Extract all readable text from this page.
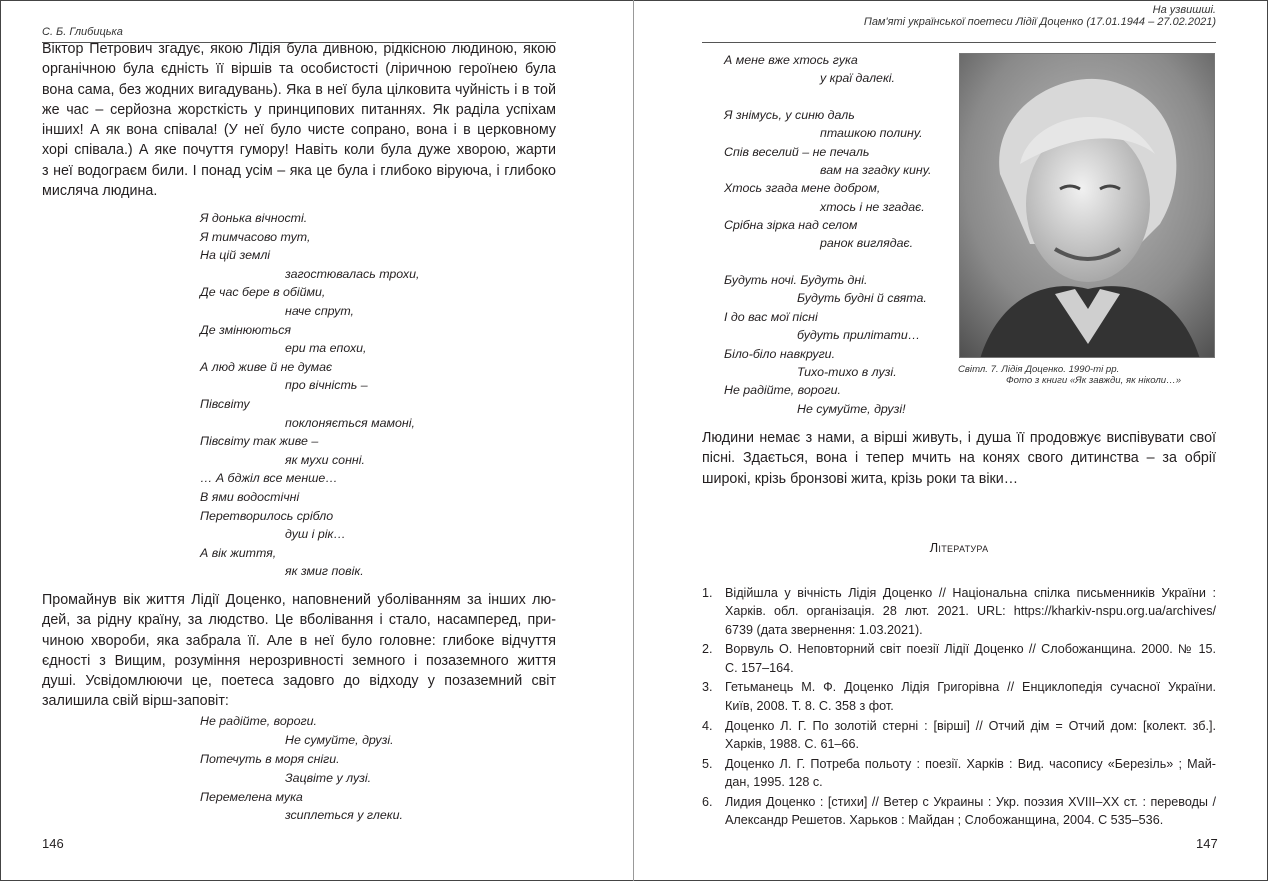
С. Б. Глибицька
Віктор Петрович згадує, якою Лідія була дивною, рідкісною людиною, якою
органічною була єдність її віршів та особистості (ліричною героїнею була
вона сама, без жодних вигадувань). Яка в неї була цілковита чуйність і в той
же час – серйозна жорсткість у принципових питаннях. Як раділа успіхам
інших! А як вона співала! (У неї було чисте сопрано, вона і в церковному
хорі співала.) А яке почуття гумору! Навіть коли була дуже хворою, жарти
з неї водограєм били. І понад усім – яка це була і глибоко віруюча, і глибоко
мисляча людина.
Я донька вічності.
Я тимчасово тут,
На цій землі
загостювалась трохи,
Де час бере в обійми,
наче спрут,
Де змінюються
ери та епохи,
А люд живе й не думає
про вічність –
Півсвіту
поклоняється мамоні,
Півсвіту так живе –
як мухи сонні.
… А бджіл все менше…
В ями водостічні
Перетворилось срібло
душ і рік…
А вік життя,
як змиг повік.
Промайнув вік життя Лідії Доценко, наповнений уболіванням за інших лю-
дей, за рідну країну, за людство. Це вболівання і стало, насамперед, при-
чиною хвороби, яка забрала її. Але в неї було головне: глибоке відчуття
єдності з Вищим, розуміння нерозривності земного і позаземного життя
душі. Усвідомлюючи це, поетеса задовго до відходу у позаземний світ
залишила свій вірш-заповіт:
Не радійте, вороги.
Не сумуйте, друзі.
Потечуть в моря сніги.
Зацвіте у лузі.
Перемелена мука
зсиплеться у глеки.
146
На узвишші.
Пам'яті української поетеси Лідії Доценко (17.01.1944 – 27.02.2021)
А мене вже хтось гука
у краї далекі.
Я знімусь, у синю даль
пташкою полину.
Спів веселий – не печаль
вам на згадку кину.
Хтось згада мене добром,
хтось і не згадає.
Срібна зірка над селом
ранок виглядає.
Будуть ночі. Будуть дні.
Будуть будні й свята.
І до вас мої пісні
будуть прилітати…
Біло-біло навкруги.
Тихо-тихо в лузі.
Не радійте, вороги.
Не сумуйте, друзі!
Світл. 7. Лідія Доценко. 1990-ті рр.
Фото з книги «Як завжди, як ніколи…»
Людини немає з нами, а вірші живуть, і душа її продовжує виспівувати свої
пісні. Здається, вона і тепер мчить на конях свого дитинства – за обрії
широкі, крізь бронзові жита, крізь роки та віки…
Література
1. Відійшла у вічність Лідія Доценко // Національна спілка письменників України :
Харків. обл. організація. 28 лют. 2021. URL: https://kharkiv-nspu.org.ua/archives/
6739 (дата звернення: 1.03.2021).
2. Ворвуль О. Неповторний світ поезії Лідії Доценко // Слобожанщина. 2000. № 15.
С. 157–164.
3. Гетьманець М. Ф. Доценко Лідія Григорівна // Енциклопедія сучасної України.
Київ, 2008. Т. 8. С. 358 з фот.
4. Доценко Л. Г. По золотій стерні : [вірші] // Отчий дім = Отчий дом: [колект. зб.].
Харків, 1988. С. 61–66.
5. Доценко Л. Г. Потреба польоту : поезії. Харків : Вид. часопису «Березіль» ; Май-
дан, 1995. 128 с.
6. Лидия Доценко : [стихи] // Ветер с Украины : Укр. поэзия XVIII–XX ст. : переводы /
Александр Решетов. Харьков : Майдан ; Слобожанщина, 2004. С 535–536.
147
